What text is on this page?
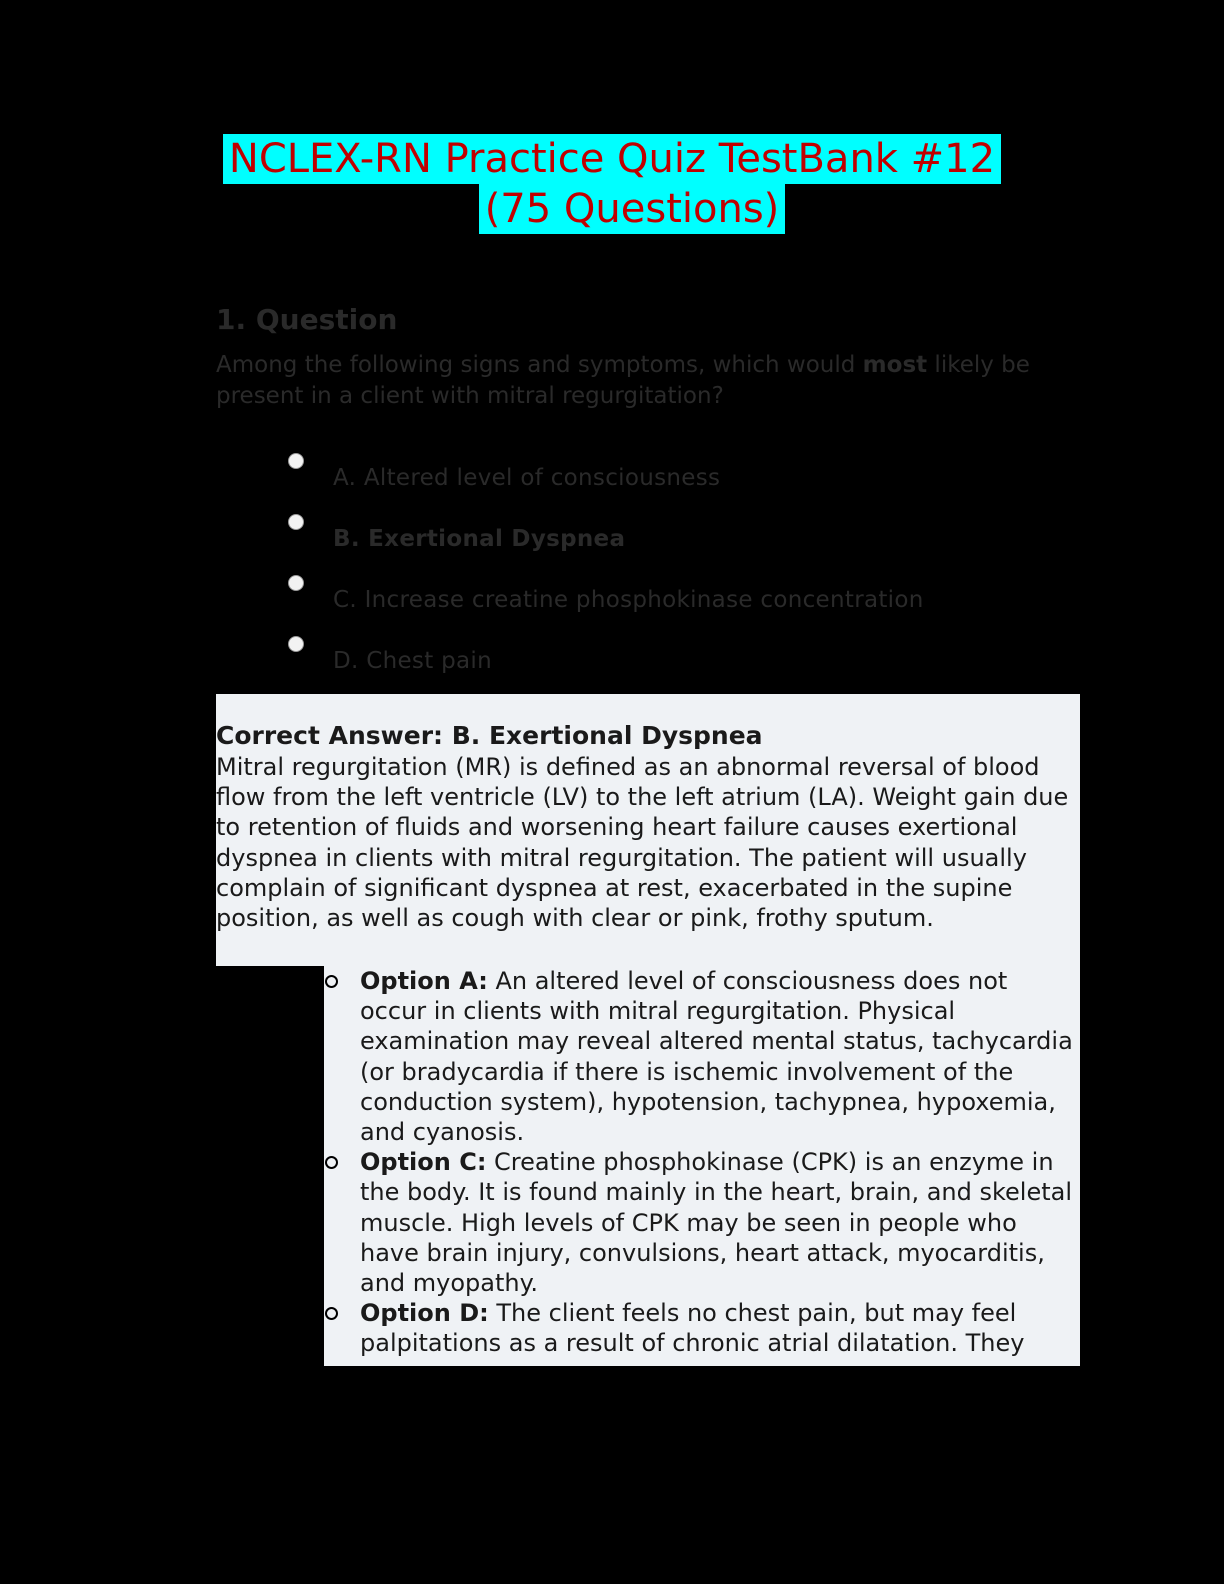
NCLEX-RN Practice Quiz TestBank #12
(75 Questions)

1. Question

Among the following signs and symptoms, which would most likely be present in a client with mitral regurgitation?

A. Altered level of consciousness
B. Exertional Dyspnea
C. Increase creatine phosphokinase concentration
D. Chest pain

Correct Answer: B. Exertional Dyspnea

Mitral regurgitation (MR) is defined as an abnormal reversal of blood flow from the left ventricle (LV) to the left atrium (LA). Weight gain due to retention of fluids and worsening heart failure causes exertional dyspnea in clients with mitral regurgitation. The patient will usually complain of significant dyspnea at rest, exacerbated in the supine position, as well as cough with clear or pink, frothy sputum.

Option A: An altered level of consciousness does not occur in clients with mitral regurgitation. Physical examination may reveal altered mental status, tachycardia (or bradycardia if there is ischemic involvement of the conduction system), hypotension, tachypnea, hypoxemia, and cyanosis.
Option C: Creatine phosphokinase (CPK) is an enzyme in the body. It is found mainly in the heart, brain, and skeletal muscle. High levels of CPK may be seen in people who have brain injury, convulsions, heart attack, myocarditis, and myopathy.
Option D: The client feels no chest pain, but may feel palpitations as a result of chronic atrial dilatation. They
